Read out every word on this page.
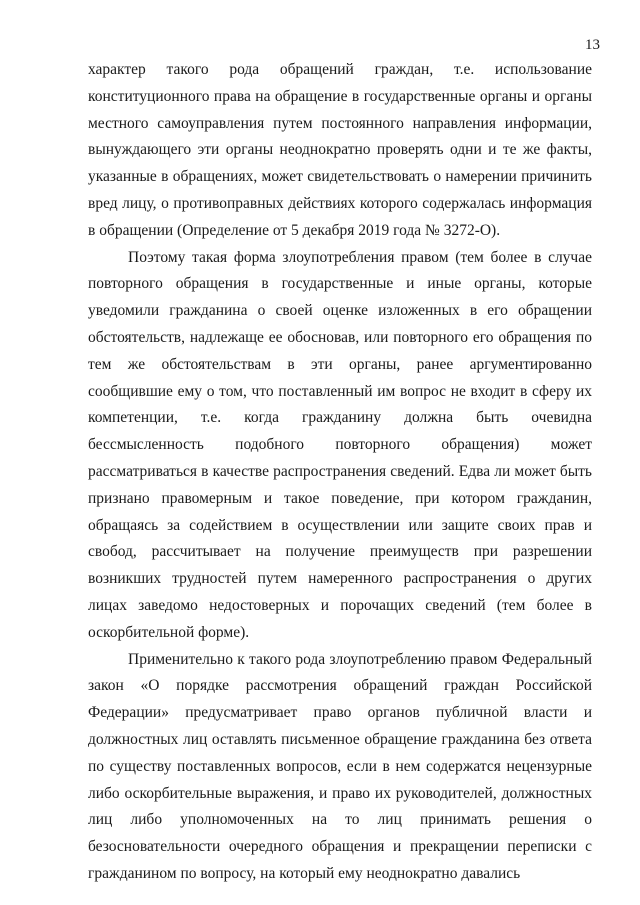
13

характер такого рода обращений граждан, т.е. использование конституционного права на обращение в государственные органы и органы местного самоуправления путем постоянного направления информации, вынуждающего эти органы неоднократно проверять одни и те же факты, указанные в обращениях, может свидетельствовать о намерении причинить вред лицу, о противоправных действиях которого содержалась информация в обращении (Определение от 5 декабря 2019 года № 3272-О).

Поэтому такая форма злоупотребления правом (тем более в случае повторного обращения в государственные и иные органы, которые уведомили гражданина о своей оценке изложенных в его обращении обстоятельств, надлежаще ее обосновав, или повторного его обращения по тем же обстоятельствам в эти органы, ранее аргументированно сообщившие ему о том, что поставленный им вопрос не входит в сферу их компетенции, т.е. когда гражданину должна быть очевидна бессмысленность подобного повторного обращения) может рассматриваться в качестве распространения сведений. Едва ли может быть признано правомерным и такое поведение, при котором гражданин, обращаясь за содействием в осуществлении или защите своих прав и свобод, рассчитывает на получение преимуществ при разрешении возникших трудностей путем намеренного распространения о других лицах заведомо недостоверных и порочащих сведений (тем более в оскорбительной форме).

Применительно к такого рода злоупотреблению правом Федеральный закон «О порядке рассмотрения обращений граждан Российской Федерации» предусматривает право органов публичной власти и должностных лиц оставлять письменное обращение гражданина без ответа по существу поставленных вопросов, если в нем содержатся нецензурные либо оскорбительные выражения, и право их руководителей, должностных лиц либо уполномоченных на то лиц принимать решения о безосновательности очередного обращения и прекращении переписки с гражданином по вопросу, на который ему неоднократно давались
